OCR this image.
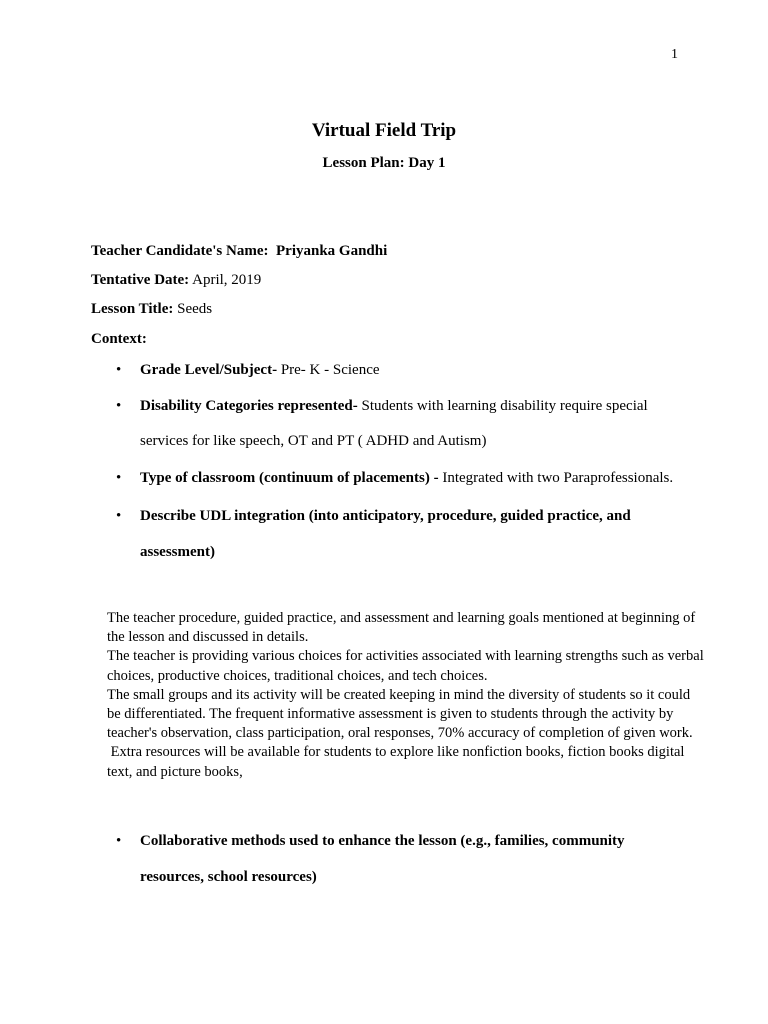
1
Virtual Field Trip
Lesson Plan: Day 1
Teacher Candidate's Name: Priyanka Gandhi
Tentative Date: April, 2019
Lesson Title: Seeds
Context:
• Grade Level/Subject- Pre- K - Science
• Disability Categories represented- Students with learning disability require special
services for like speech, OT and PT ( ADHD and Autism)
• Type of classroom (continuum of placements) - Integrated with two Paraprofessionals.
• Describe UDL integration (into anticipatory, procedure, guided practice, and
assessment)

The teacher procedure, guided practice, and assessment and learning goals mentioned at beginning of the lesson and discussed in details.

The teacher is providing various choices for activities associated with learning strengths such as verbal choices, productive choices, traditional choices, and tech choices.

The small groups and its activity will be created keeping in mind the diversity of students so it could be differentiated. The frequent informative assessment is given to students through the activity by teacher's observation, class participation, oral responses, 70% accuracy of completion of given work.

Extra resources will be available for students to explore like nonfiction books, fiction books digital text, and picture books,

• Collaborative methods used to enhance the lesson (e.g., families, community
resources, school resources)
